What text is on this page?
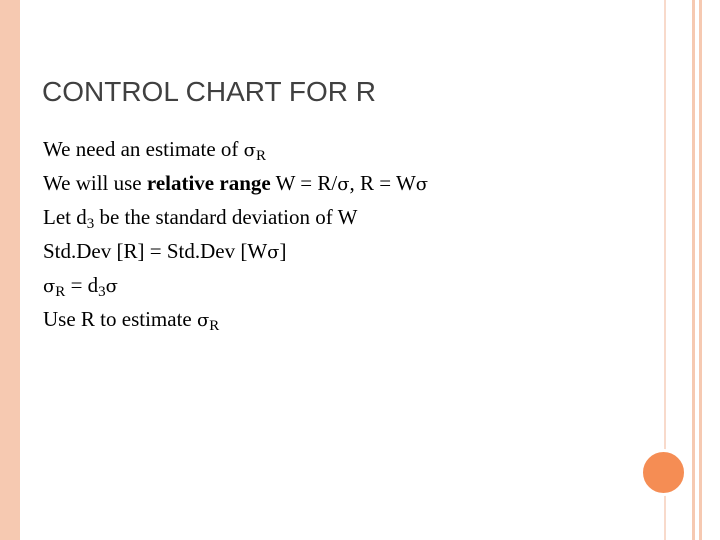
CONTROL CHART FOR R
We need an estimate of $\sigma_R$
We will use relative range W = R/σ, R = Wσ
Let $d_3$ be the standard deviation of W
Std.Dev [R] = Std.Dev [Wσ]
$\sigma_R = d_3\sigma$
Use R to estimate $\sigma_R$
